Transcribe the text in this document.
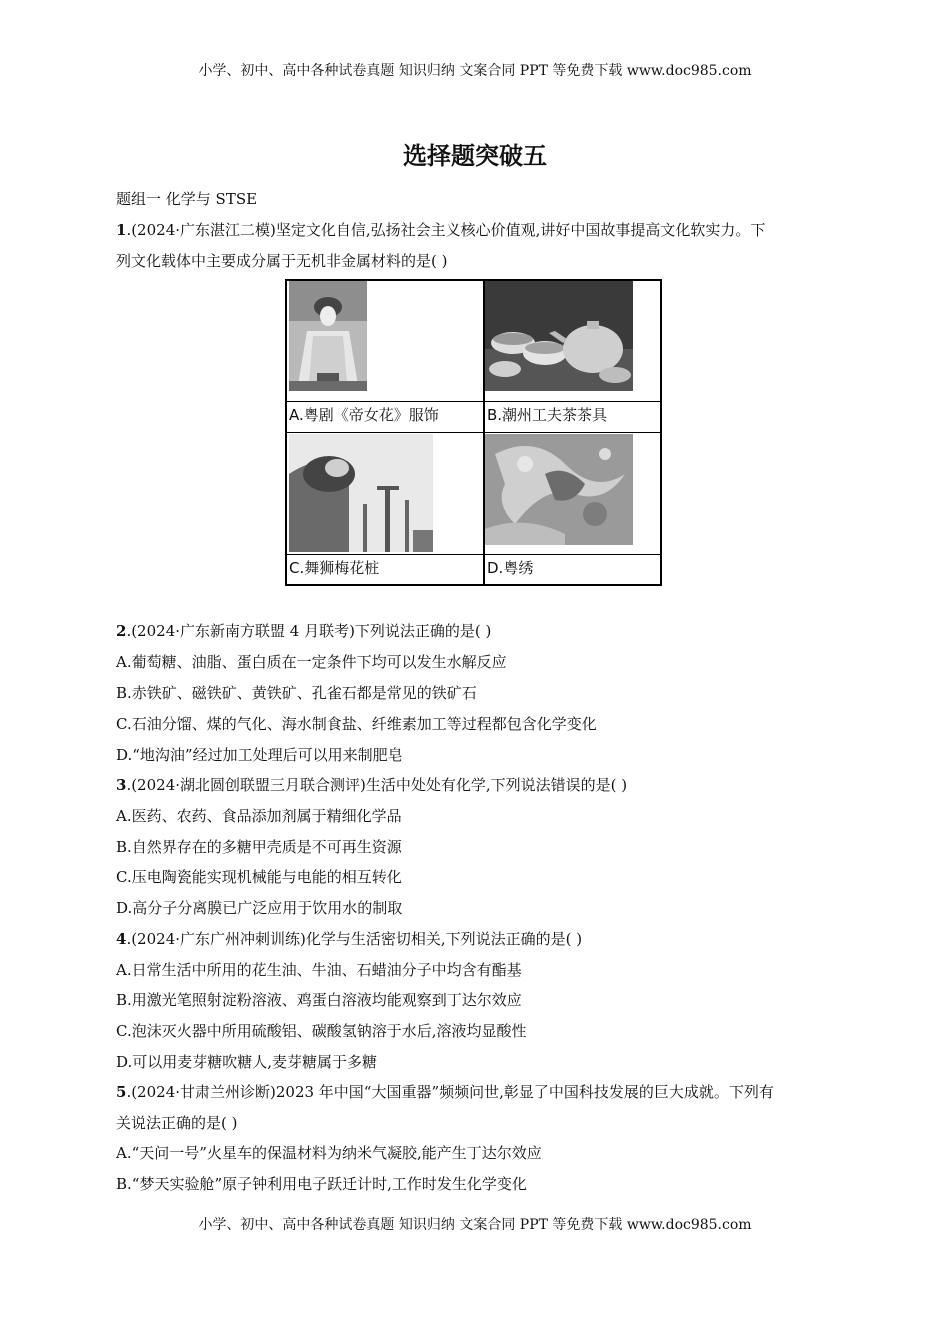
小学、初中、高中各种试卷真题 知识归纳 文案合同 PPT 等免费下载 www.doc985.com
选择题突破五
题组一 化学与 STSE
1.(2024·广东湛江二模)坚定文化自信,弘扬社会主义核心价值观,讲好中国故事提高文化软实力。下
列文化载体中主要成分属于无机非金属材料的是( )
A.粤剧《帝女花》服饰	B.潮州工夫茶茶具
C.舞狮梅花桩	D.粤绣
2.(2024·广东新南方联盟 4 月联考)下列说法正确的是( )
A.葡萄糖、油脂、蛋白质在一定条件下均可以发生水解反应
B.赤铁矿、磁铁矿、黄铁矿、孔雀石都是常见的铁矿石
C.石油分馏、煤的气化、海水制食盐、纤维素加工等过程都包含化学变化
D.“地沟油”经过加工处理后可以用来制肥皂
3.(2024·湖北圆创联盟三月联合测评)生活中处处有化学,下列说法错误的是( )
A.医药、农药、食品添加剂属于精细化学品
B.自然界存在的多糖甲壳质是不可再生资源
C.压电陶瓷能实现机械能与电能的相互转化
D.高分子分离膜已广泛应用于饮用水的制取
4.(2024·广东广州冲刺训练)化学与生活密切相关,下列说法正确的是( )
A.日常生活中所用的花生油、牛油、石蜡油分子中均含有酯基
B.用激光笔照射淀粉溶液、鸡蛋白溶液均能观察到丁达尔效应
C.泡沫灭火器中所用硫酸铝、碳酸氢钠溶于水后,溶液均显酸性
D.可以用麦芽糖吹糖人,麦芽糖属于多糖
5.(2024·甘肃兰州诊断)2023 年中国“大国重器”频频问世,彰显了中国科技发展的巨大成就。下列有
关说法正确的是( )
A.“天问一号”火星车的保温材料为纳米气凝胶,能产生丁达尔效应
B.“梦天实验舱”原子钟利用电子跃迁计时,工作时发生化学变化
小学、初中、高中各种试卷真题 知识归纳 文案合同 PPT 等免费下载 www.doc985.com
